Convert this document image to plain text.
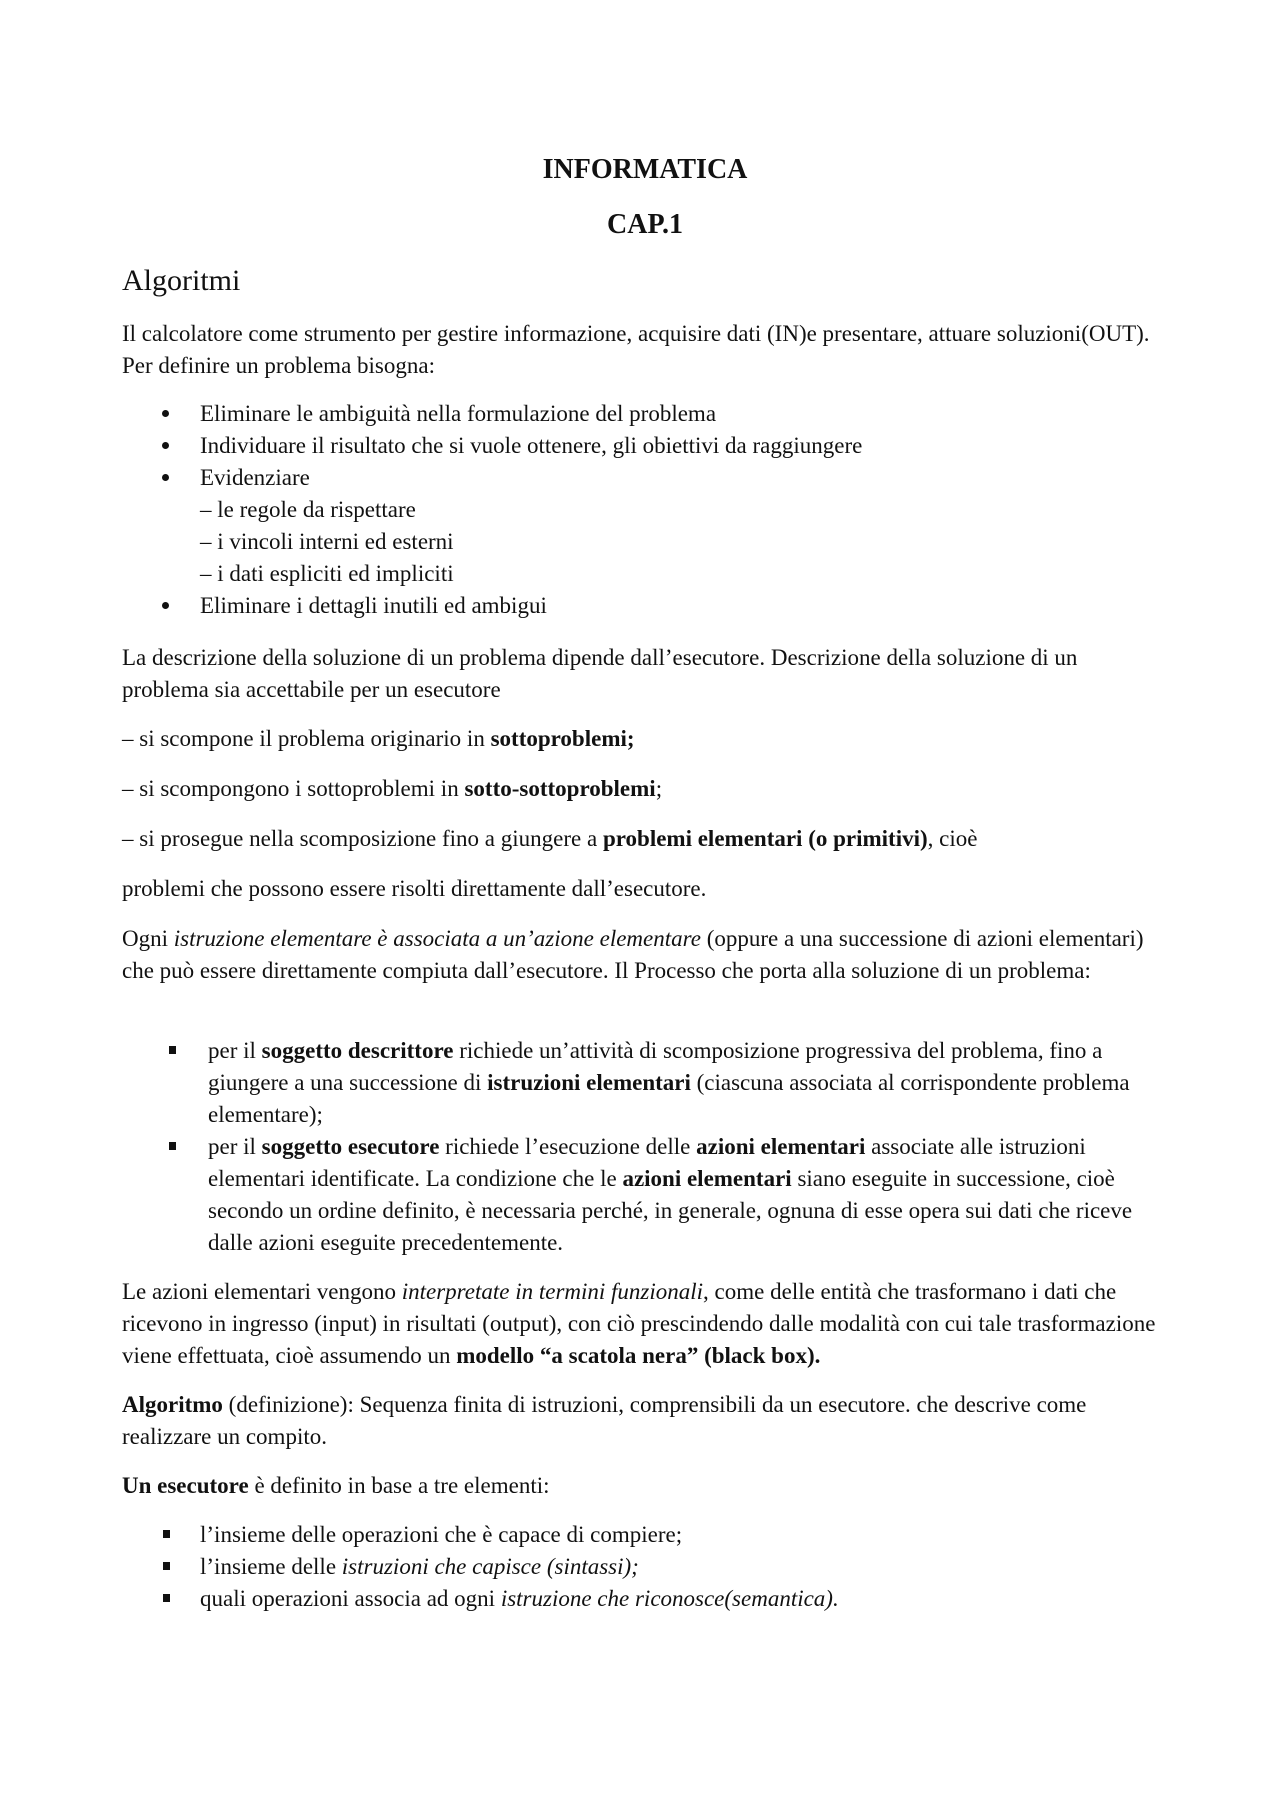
INFORMATICA
CAP.1
Algoritmi

Il calcolatore come strumento per gestire informazione, acquisire dati (IN)e presentare, attuare soluzioni(OUT). Per definire un problema bisogna:

Eliminare le ambiguità nella formulazione del problema
Individuare il risultato che si vuole ottenere, gli obiettivi da raggiungere
Evidenziare
– le regole da rispettare
– i vincoli interni ed esterni
– i dati espliciti ed impliciti
Eliminare i dettagli inutili ed ambigui

La descrizione della soluzione di un problema dipende dall’esecutore. Descrizione della soluzione di un problema sia accettabile per un esecutore

– si scompone il problema originario in sottoproblemi;

– si scompongono i sottoproblemi in sotto-sottoproblemi;

– si prosegue nella scomposizione fino a giungere a problemi elementari (o primitivi), cioè

problemi che possono essere risolti direttamente dall’esecutore.

Ogni istruzione elementare è associata a un’azione elementare (oppure a una successione di azioni elementari) che può essere direttamente compiuta dall’esecutore. Il Processo che porta alla soluzione di un problema:

per il soggetto descrittore richiede un’attività di scomposizione progressiva del problema, fino a giungere a una successione di istruzioni elementari (ciascuna associata al corrispondente problema elementare);
per il soggetto esecutore richiede l’esecuzione delle azioni elementari associate alle istruzioni elementari identificate. La condizione che le azioni elementari siano eseguite in successione, cioè secondo un ordine definito, è necessaria perché, in generale, ognuna di esse opera sui dati che riceve dalle azioni eseguite precedentemente.

Le azioni elementari vengono interpretate in termini funzionali, come delle entità che trasformano i dati che ricevono in ingresso (input) in risultati (output), con ciò prescindendo dalle modalità con cui tale trasformazione viene effettuata, cioè assumendo un modello “a scatola nera” (black box).

Algoritmo (definizione): Sequenza finita di istruzioni, comprensibili da un esecutore. che descrive come realizzare un compito.

Un esecutore è definito in base a tre elementi:

l’insieme delle operazioni che è capace di compiere;
l’insieme delle istruzioni che capisce (sintassi);
quali operazioni associa ad ogni istruzione che riconosce(semantica).
